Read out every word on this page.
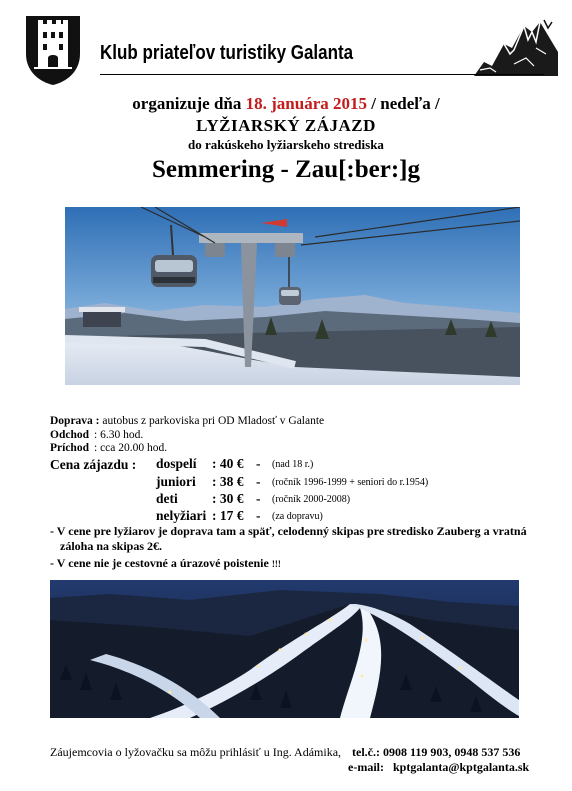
Klub priateľov turistiky Galanta
organizuje dňa 18. januára 2015 / nedeľa /
LYŽIARSKÝ ZÁJAZD
do rakúskeho lyžiarskeho strediska
Semmering - Zau[:ber:]g
Doprava : autobus z parkoviska pri OD Mladosť v Galante
Odchod : 6.30 hod.
Príchod : cca 20.00 hod.
Cena zájazdu : dospelí : 40 € - (nad 18 r.)
juniori : 38 € - (ročník 1996-1999 + seniori do r.1954)
deti	: 30 € - (ročník 2000-2008)
nelyžiari : 17 € - (za dopravu)
- V cene pre lyžiarov je doprava tam a späť, celodenný skipas pre stredisko Zauberg a vratná
záloha na skipas 2€.
- V cene nie je cestovné a úrazové poistenie !!!
Záujemcovia o lyžovačku sa môžu prihlásiť u Ing. Adámika, tel.č.: 0908 119 903, 0948 537 536
e-mail: kptgalanta@kptgalanta.sk
